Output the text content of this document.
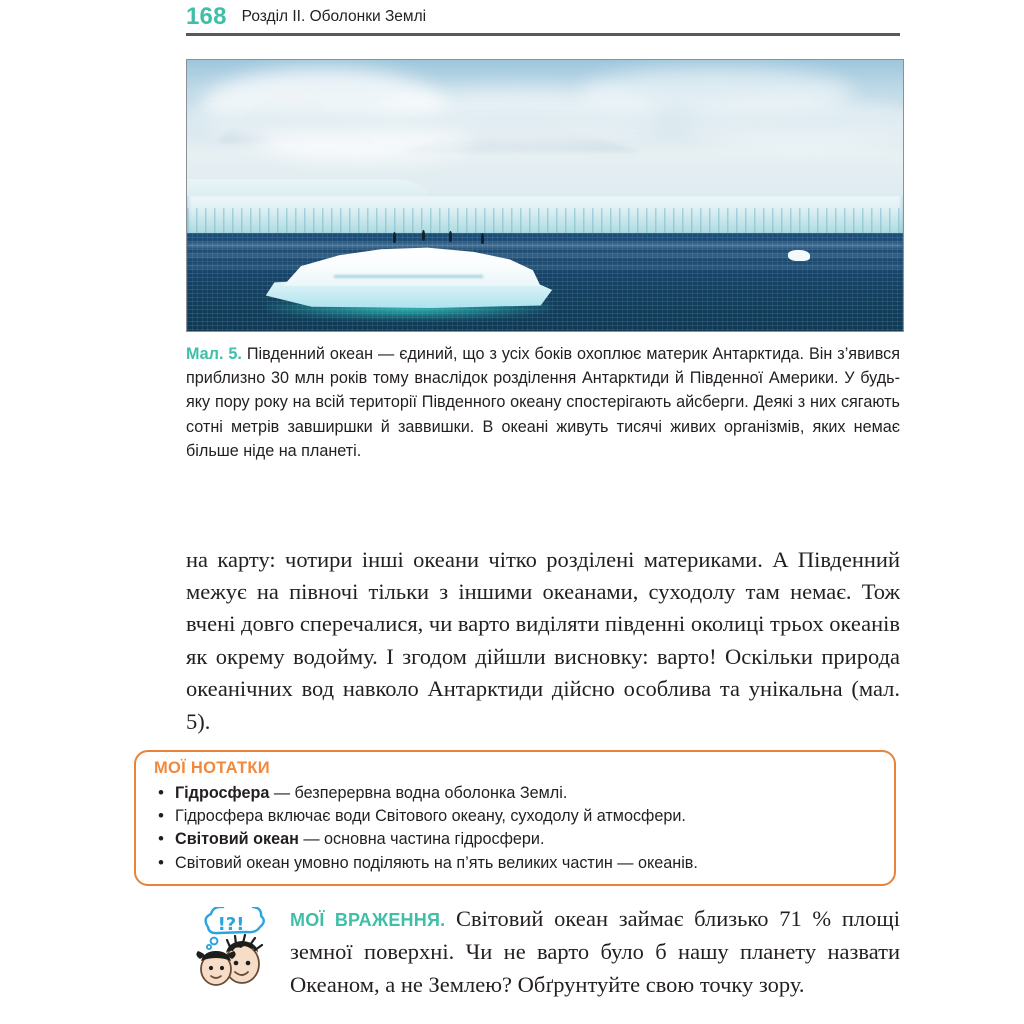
168 Розділ II. Оболонки Землі
Мал. 5. Південний океан — єдиний, що з усіх боків охоплює материк Антарктида. Він з’явився приблизно 30 млн років тому внаслідок розділення Антарктиди й Південної Америки. У будь-яку пору року на всій території Південного океану спостерігають айсберги. Деякі з них сягають сотні метрів завширшки й заввишки. В океані живуть тисячі живих організмів, яких немає більше ніде на планеті.

на карту: чотири інші океани чітко розділені материками. А Південний межує на півночі тільки з іншими океанами, суходолу там немає. Тож вчені довго сперечалися, чи варто виділяти південні околиці трьох океанів як окрему водойму. І згодом дійшли висновку: варто! Оскільки природа океанічних вод навколо Антарктиди дійсно особлива та унікальна (мал. 5).

МОЇ НОТАТКИ
• Гідросфера — безперервна водна оболонка Землі.
• Гідросфера включає води Світового океану, суходолу й атмосфери.
• Світовий океан — основна частина гідросфери.
• Світовий океан умовно поділяють на п’ять великих частин — океанів.
!?!	МОЇ ВРАЖЕННЯ. Світовий океан займає близько 71 % площі земної поверхні. Чи не варто було б нашу планету назвати Океаном, а не Землею? Обґрунтуйте свою точку зору.
